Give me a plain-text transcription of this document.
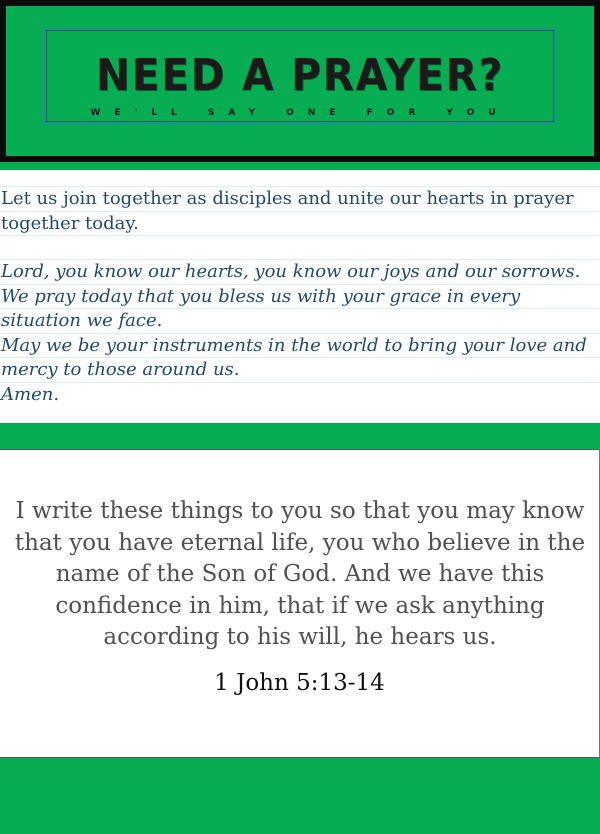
NEED A PRAYER?
WE'LL SAY ONE FOR YOU
Let us join together as disciples and unite our hearts in prayer
together today.
Lord, you know our hearts, you know our joys and our sorrows.
We pray today that you bless us with your grace in every
situation we face.
May we be your instruments in the world to bring your love and
mercy to those around us.
Amen.
I write these things to you so that you may know
that you have eternal life, you who believe in the
name of the Son of God. And we have this
confidence in him, that if we ask anything
according to his will, he hears us.
1 John 5:13-14
